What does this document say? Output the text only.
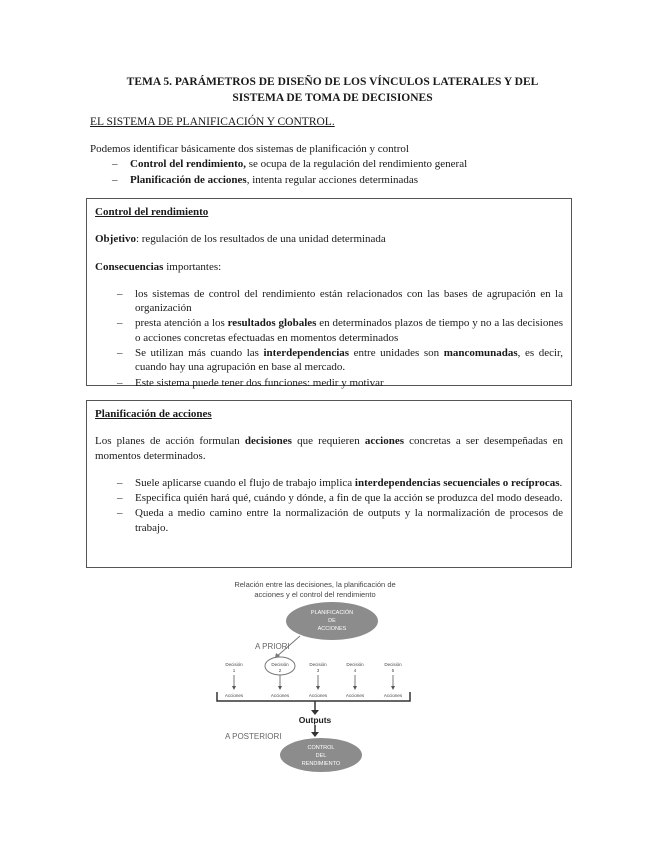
TEMA 5. PARÁMETROS DE DISEÑO DE LOS VÍNCULOS LATERALES Y DEL
SISTEMA DE TOMA DE DECISIONES
EL SISTEMA DE PLANIFICACIÓN Y CONTROL.
Podemos identificar básicamente dos sistemas de planificación y control
– Control del rendimiento, se ocupa de la regulación del rendimiento general
– Planificación de acciones, intenta regular acciones determinadas

Control del rendimiento

Objetivo: regulación de los resultados de una unidad determinada

Consecuencias importantes:

– los sistemas de control del rendimiento están relacionados con las bases de agrupación en la organización
– presta atención a los resultados globales en determinados plazos de tiempo y no a las decisiones o acciones concretas efectuadas en momentos determinados
– Se utilizan más cuando las interdependencias entre unidades son mancomunadas, es decir, cuando hay una agrupación en base al mercado.
– Este sistema puede tener dos funciones: medir y motivar

Planificación de acciones

Los planes de acción formulan decisiones que requieren acciones concretas a ser desempeñadas en momentos determinados.

– Suele aplicarse cuando el flujo de trabajo implica interdependencias secuenciales o recíprocas.
– Especifica quién hará qué, cuándo y dónde, a fin de que la acción se produzca del modo deseado.
– Queda a medio camino entre la normalización de outputs y la normalización de procesos de trabajo.
Relación entre las decisiones, la planificación de
acciones y el control del rendimiento
PLANIFICACIÓN
DE
ACCIONES
A PRIORI
Decisión
1
Acciones
Decisión
2
Acciones
Decisión
3
Acciones
Decisión
4
Acciones
Decisión
5
Acciones
Outputs
A POSTERIORI
CONTROL
DEL
RENDIMIENTO
